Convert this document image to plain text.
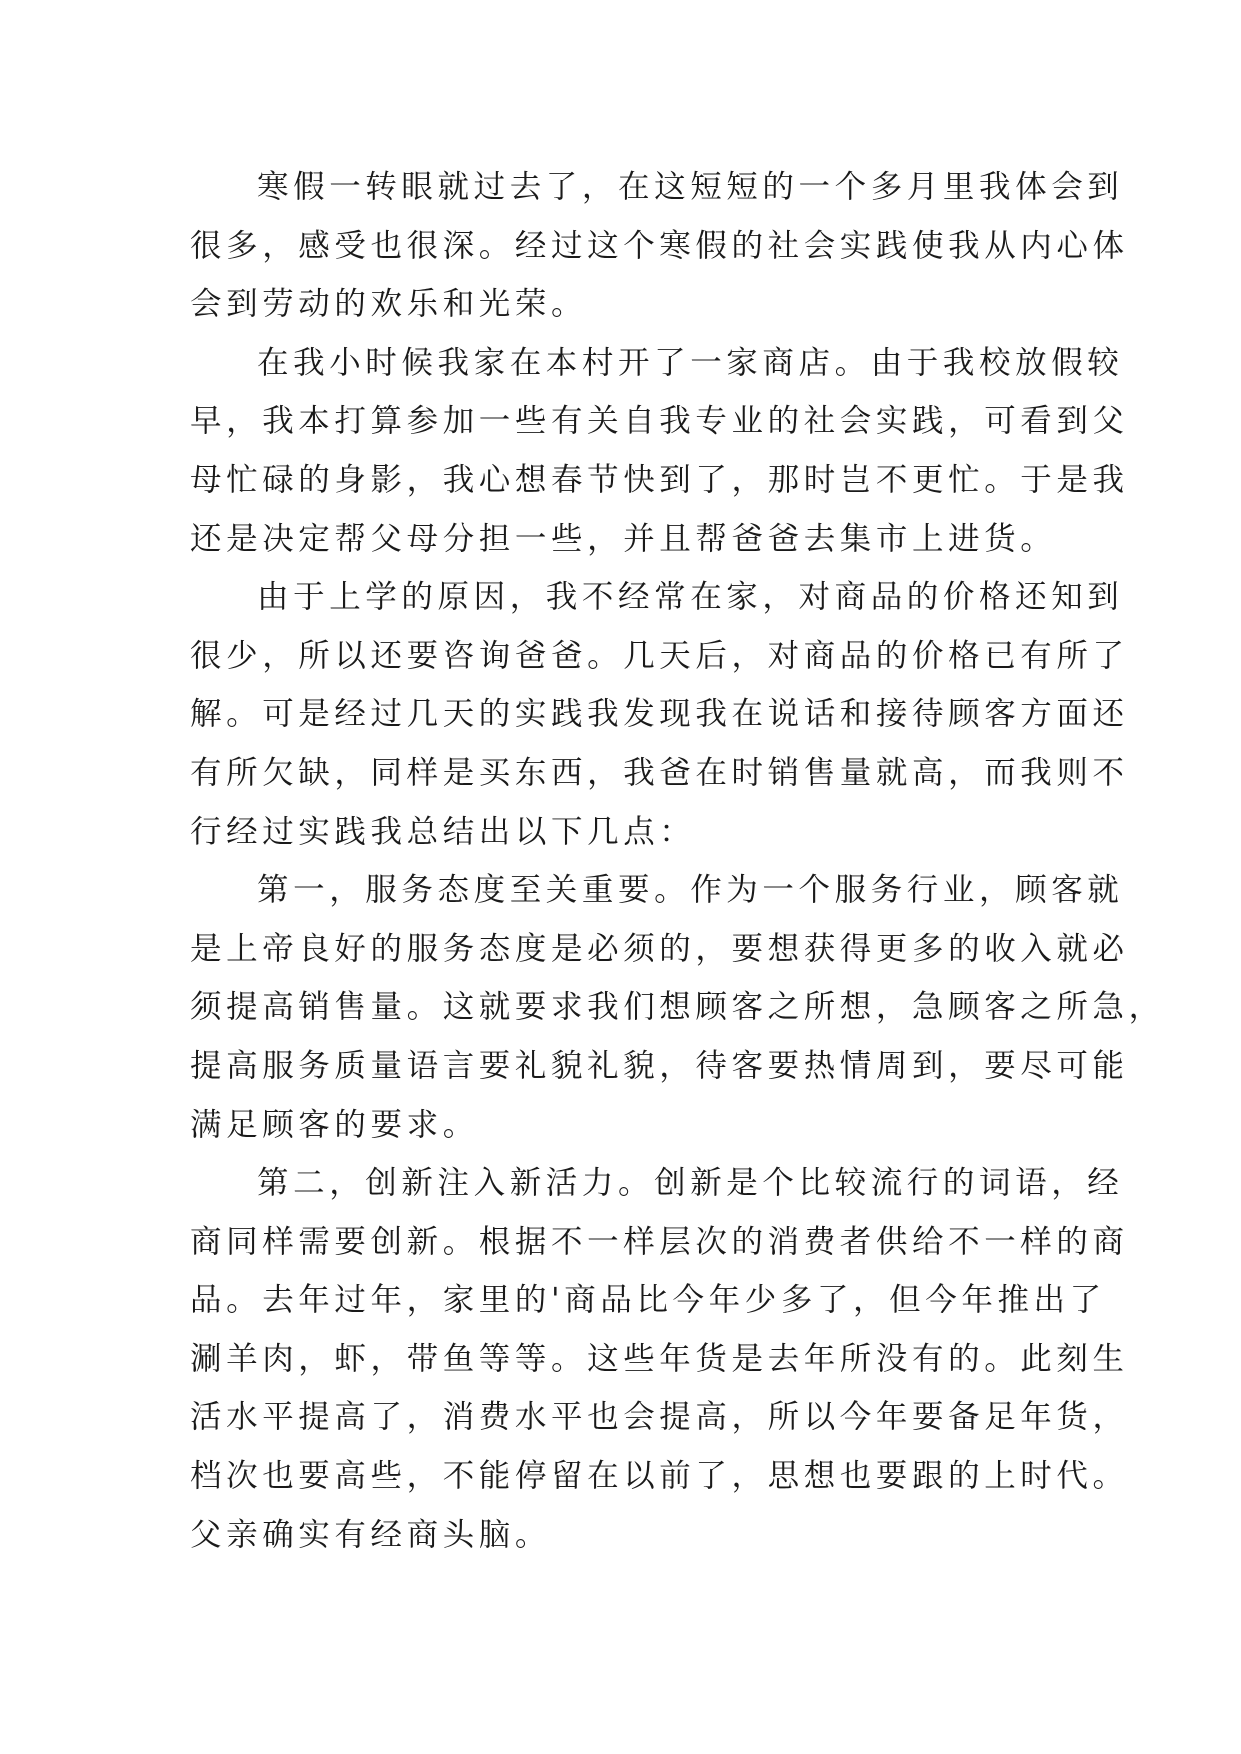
寒假一转眼就过去了，在这短短的一个多月里我体会到
很多，感受也很深。经过这个寒假的社会实践使我从内心体
会到劳动的欢乐和光荣。
在我小时候我家在本村开了一家商店。由于我校放假较
早，我本打算参加一些有关自我专业的社会实践，可看到父
母忙碌的身影，我心想春节快到了，那时岂不更忙。于是我
还是决定帮父母分担一些，并且帮爸爸去集市上进货。
由于上学的原因，我不经常在家，对商品的价格还知到
很少，所以还要咨询爸爸。几天后，对商品的价格已有所了
解。可是经过几天的实践我发现我在说话和接待顾客方面还
有所欠缺，同样是买东西，我爸在时销售量就高，而我则不
行经过实践我总结出以下几点：
第一，服务态度至关重要。作为一个服务行业，顾客就
是上帝良好的服务态度是必须的，要想获得更多的收入就必
须提高销售量。这就要求我们想顾客之所想，急顾客之所急，
提高服务质量语言要礼貌礼貌，待客要热情周到，要尽可能
满足顾客的要求。
第二，创新注入新活力。创新是个比较流行的词语，经
商同样需要创新。根据不一样层次的消费者供给不一样的商
品。去年过年，家里的'商品比今年少多了，但今年推出了
涮羊肉，虾，带鱼等等。这些年货是去年所没有的。此刻生
活水平提高了，消费水平也会提高，所以今年要备足年货，
档次也要高些，不能停留在以前了，思想也要跟的上时代。
父亲确实有经商头脑。
